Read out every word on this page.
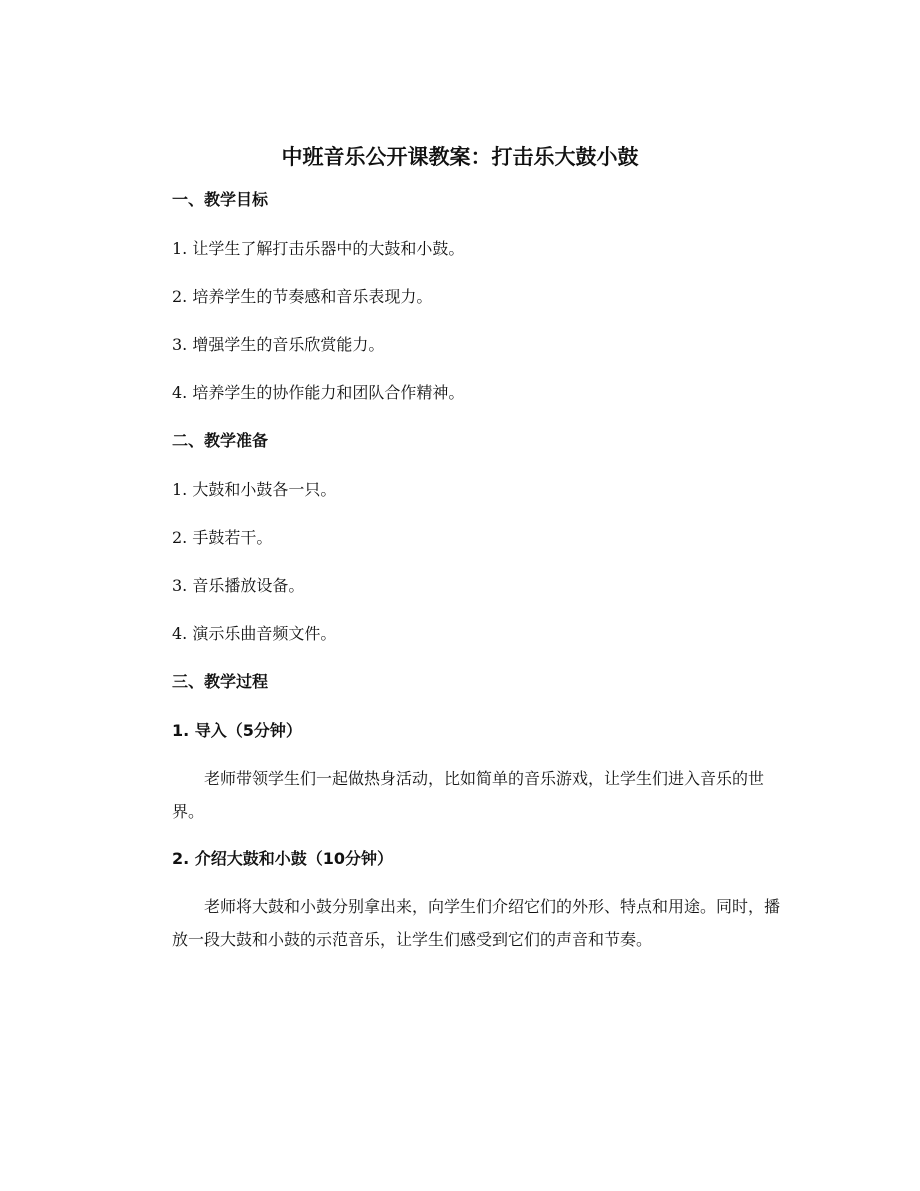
中班音乐公开课教案：打击乐大鼓小鼓
一、教学目标
1. 让学生了解打击乐器中的大鼓和小鼓。
2. 培养学生的节奏感和音乐表现力。
3. 增强学生的音乐欣赏能力。
4. 培养学生的协作能力和团队合作精神。
二、教学准备
1. 大鼓和小鼓各一只。
2. 手鼓若干。
3. 音乐播放设备。
4. 演示乐曲音频文件。
三、教学过程
1. 导入（5分钟）
老师带领学生们一起做热身活动，比如简单的音乐游戏，让学生们进入音乐的世界。
2. 介绍大鼓和小鼓（10分钟）
老师将大鼓和小鼓分别拿出来，向学生们介绍它们的外形、特点和用途。同时，播放一段大鼓和小鼓的示范音乐，让学生们感受到它们的声音和节奏。
